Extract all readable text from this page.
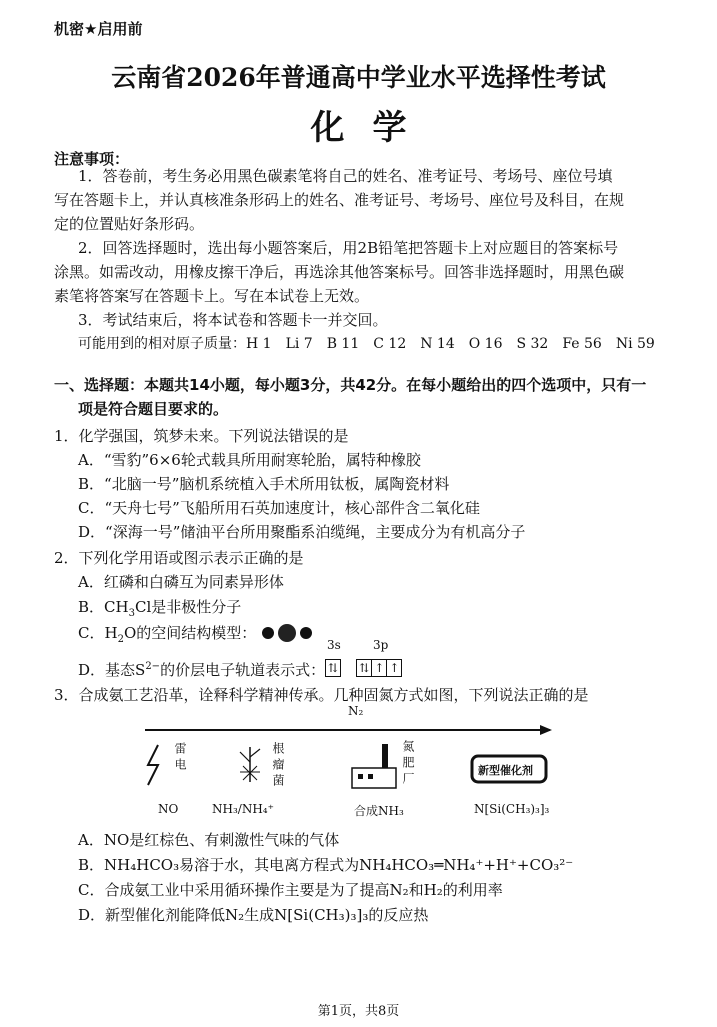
机密★启用前
云南省2026年普通高中学业水平选择性考试
化学
注意事项：
1．答卷前，考生务必用黑色碳素笔将自己的姓名、准考证号、考场号、座位号填
写在答题卡上，并认真核准条形码上的姓名、准考证号、考场号、座位号及科目，在规
定的位置贴好条形码。
2．回答选择题时，选出每小题答案后，用2B铅笔把答题卡上对应题目的答案标号
涂黑。如需改动，用橡皮擦干净后，再选涂其他答案标号。回答非选择题时，用黑色碳
素笔将答案写在答题卡上。写在本试卷上无效。
3．考试结束后，将本试卷和答题卡一并交回。
可能用到的相对原子质量：H 1　Li 7　B 11　C 12　N 14　O 16　S 32　Fe 56　Ni 59
一、选择题：本题共14小题，每小题3分，共42分。在每小题给出的四个选项中，只有一
项是符合题目要求的。
1．化学强国，筑梦未来。下列说法错误的是
A．“雪豹”6×6轮式载具所用耐寒轮胎，属特种橡胶
B．“北脑一号”脑机系统植入手术所用钛板，属陶瓷材料
C．“天舟七号”飞船所用石英加速度计，核心部件含二氧化硅
D．“深海一号”储油平台所用聚酯系泊缆绳，主要成分为有机高分子
2．下列化学用语或图示表示正确的是
A．红磷和白磷互为同素异形体
B．$CH_3Cl$是非极性分子
C．$H_2O$的空间结构模型：
D．基态$S^{2-}$的价层电子轨道表示式：
3s	3p
⇅ ⇅ ↑ ↑
3．合成氨工艺沿革，诠释科学精神传承。几种固氮方式如图，下列说法正确的是
N₂
雷电	根瘤菌	氮肥厂	新型催化剂
NO	NH₃/NH₄⁺	合成NH₃	N[Si(CH₃)₃]₃
A．NO是红棕色、有刺激性气味的气体
B．NH₄HCO₃易溶于水，其电离方程式为NH₄HCO₃═NH₄⁺+H⁺+CO₃²⁻
C．合成氨工业中采用循环操作主要是为了提高N₂和H₂的利用率
D．新型催化剂能降低N₂生成N[Si(CH₃)₃]₃的反应热
第1页，共8页
